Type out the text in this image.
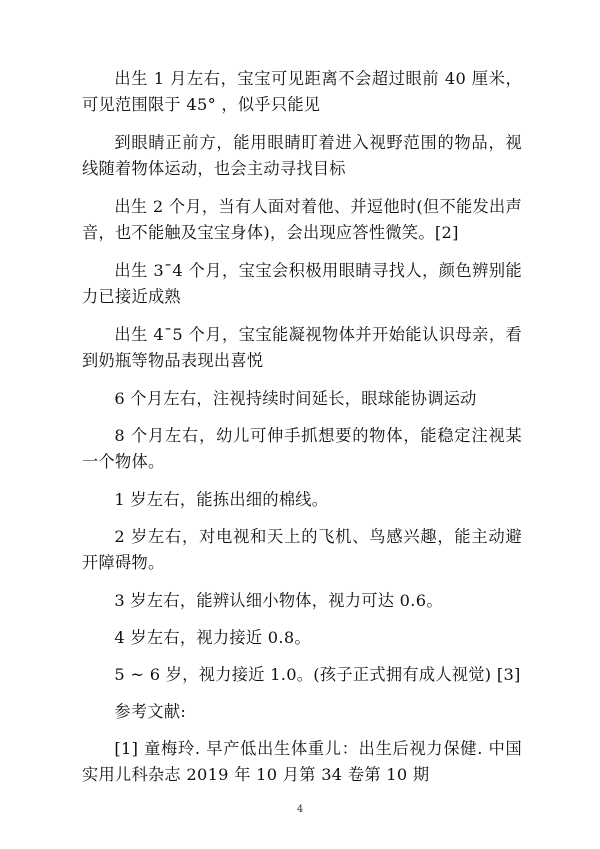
出生 1 月左右，宝宝可见距离不会超过眼前 40 厘米，可见范围限于 45° ，似乎只能见

到眼睛正前方，能用眼睛盯着进入视野范围的物品，视线随着物体运动，也会主动寻找目标

出生 2 个月，当有人面对着他、并逗他时(但不能发出声音，也不能触及宝宝身体)，会出现应答性微笑。[2]

出生 3¯4 个月，宝宝会积极用眼睛寻找人，颜色辨别能力已接近成熟

出生 4¯5 个月，宝宝能凝视物体并开始能认识母亲，看到奶瓶等物品表现出喜悦

6 个月左右，注视持续时间延长，眼球能协调运动

8 个月左右，幼儿可伸手抓想要的物体，能稳定注视某一个物体。

1 岁左右，能拣出细的棉线。

2 岁左右，对电视和天上的飞机、鸟感兴趣，能主动避开障碍物。

3 岁左右，能辨认细小物体，视力可达 0.6。

4 岁左右，视力接近 0.8。

5 ~ 6 岁，视力接近 1.0。(孩子正式拥有成人视觉) [3]

参考文献:

[1] 童梅玲. 早产低出生体重儿：出生后视力保健. 中国实用儿科杂志 2019 年 10 月第 34 卷第 10 期

4
